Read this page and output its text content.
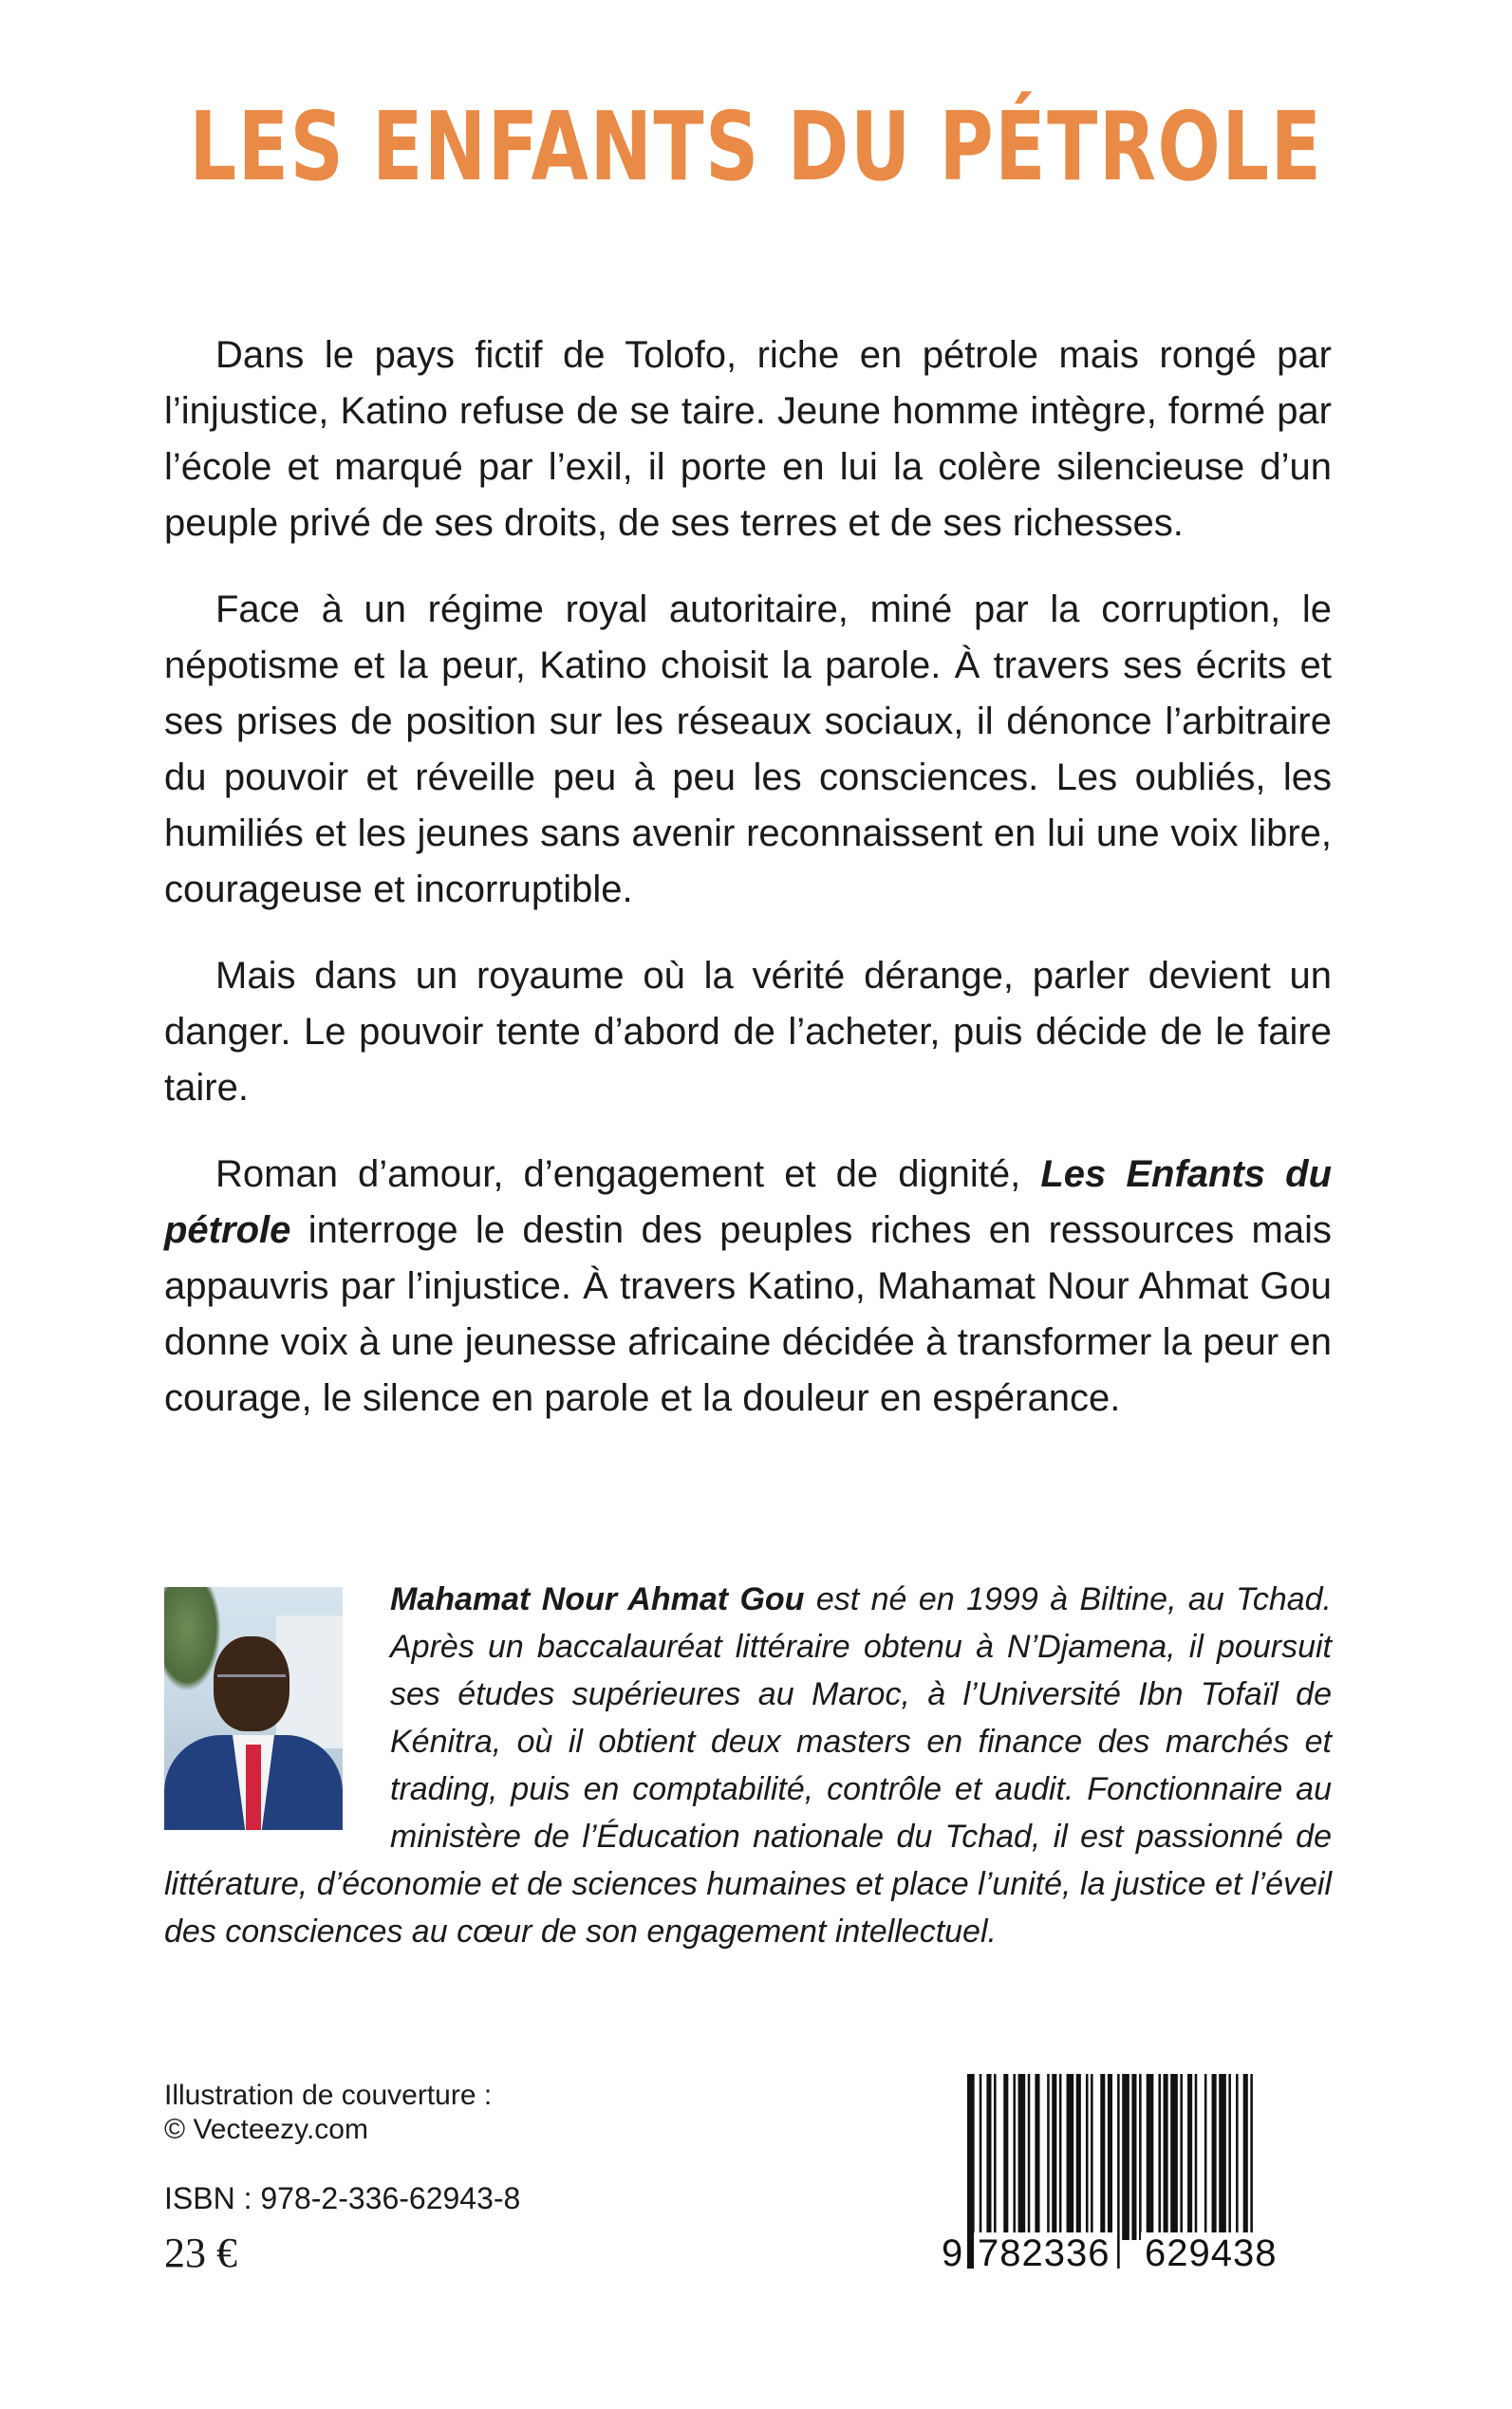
LES ENFANTS DU PÉTROLE

Dans le pays fictif de Tolofo, riche en pétrole mais rongé par l’injustice, Katino refuse de se taire. Jeune homme intègre, formé par l’école et marqué par l’exil, il porte en lui la colère silencieuse d’un peuple privé de ses droits, de ses terres et de ses richesses.

Face à un régime royal autoritaire, miné par la corruption, le népotisme et la peur, Katino choisit la parole. À travers ses écrits et ses prises de position sur les réseaux sociaux, il dénonce l’arbitraire du pouvoir et réveille peu à peu les consciences. Les oubliés, les humiliés et les jeunes sans avenir reconnaissent en lui une voix libre, courageuse et incorruptible.

Mais dans un royaume où la vérité dérange, parler devient un danger. Le pouvoir tente d’abord de l’acheter, puis décide de le faire taire.

Roman d’amour, d’engagement et de dignité, Les Enfants du pétrole interroge le destin des peuples riches en ressources mais appauvris par l’injustice. À travers Katino, Mahamat Nour Ahmat Gou donne voix à une jeunesse africaine décidée à transformer la peur en courage, le silence en parole et la douleur en espérance.

Mahamat Nour Ahmat Gou est né en 1999 à Biltine, au Tchad. Après un baccalauréat littéraire obtenu à N’Djamena, il poursuit ses études supérieures au Maroc, à l’Université Ibn Tofaïl de Kénitra, où il obtient deux masters en finance des marchés et trading, puis en comptabilité, contrôle et audit. Fonctionnaire au ministère de l’Éducation nationale du Tchad, il est passionné de littérature, d’économie et de sciences humaines et place l’unité, la justice et l’éveil des consciences au cœur de son engagement intellectuel.
Illustration de couverture :
© Vecteezy.com
ISBN : 978-2-336-62943-8
23 €	9 782336 629438
